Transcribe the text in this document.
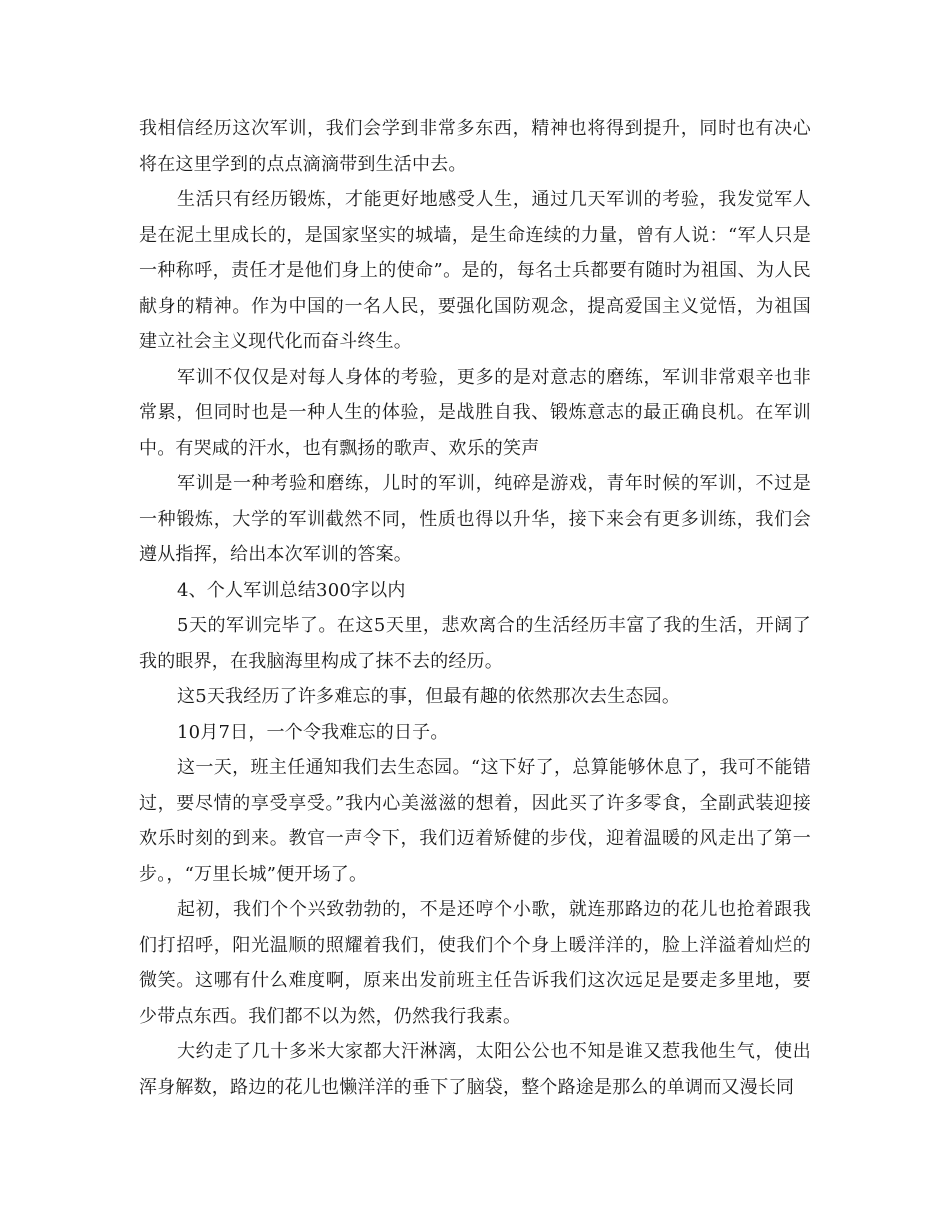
我相信经历这次军训，我们会学到非常多东西，精神也将得到提升，同时也有决心将在这里学到的点点滴滴带到生活中去。

生活只有经历锻炼，才能更好地感受人生，通过几天军训的考验，我发觉军人是在泥土里成长的，是国家坚实的城墙，是生命连续的力量，曾有人说：“军人只是一种称呼，责任才是他们身上的使命”。是的，每名士兵都要有随时为祖国、为人民献身的精神。作为中国的一名人民，要强化国防观念，提高爱国主义觉悟，为祖国建立社会主义现代化而奋斗终生。

军训不仅仅是对每人身体的考验，更多的是对意志的磨练，军训非常艰辛也非常累，但同时也是一种人生的体验，是战胜自我、锻炼意志的最正确良机。在军训中。有哭咸的汗水，也有飘扬的歌声、欢乐的笑声

军训是一种考验和磨练，儿时的军训，纯碎是游戏，青年时候的军训，不过是一种锻炼，大学的军训截然不同，性质也得以升华，接下来会有更多训练，我们会遵从指挥，给出本次军训的答案。

4、个人军训总结300字以内

5天的军训完毕了。在这5天里，悲欢离合的生活经历丰富了我的生活，开阔了我的眼界，在我脑海里构成了抹不去的经历。

这5天我经历了许多难忘的事，但最有趣的依然那次去生态园。

10月7日，一个令我难忘的日子。

这一天，班主任通知我们去生态园。“这下好了，总算能够休息了，我可不能错过，要尽情的享受享受。”我内心美滋滋的想着，因此买了许多零食，全副武装迎接欢乐时刻的到来。教官一声令下，我们迈着矫健的步伐，迎着温暖的风走出了第一步。，“万里长城”便开场了。

起初，我们个个兴致勃勃的，不是还哼个小歌，就连那路边的花儿也抢着跟我们打招呼，阳光温顺的照耀着我们，使我们个个身上暖洋洋的，脸上洋溢着灿烂的微笑。这哪有什么难度啊，原来出发前班主任告诉我们这次远足是要走多里地，要少带点东西。我们都不以为然，仍然我行我素。

大约走了几十多米大家都大汗淋漓，太阳公公也不知是谁又惹我他生气，使出浑身解数，路边的花儿也懒洋洋的垂下了脑袋，整个路途是那么的单调而又漫长同
